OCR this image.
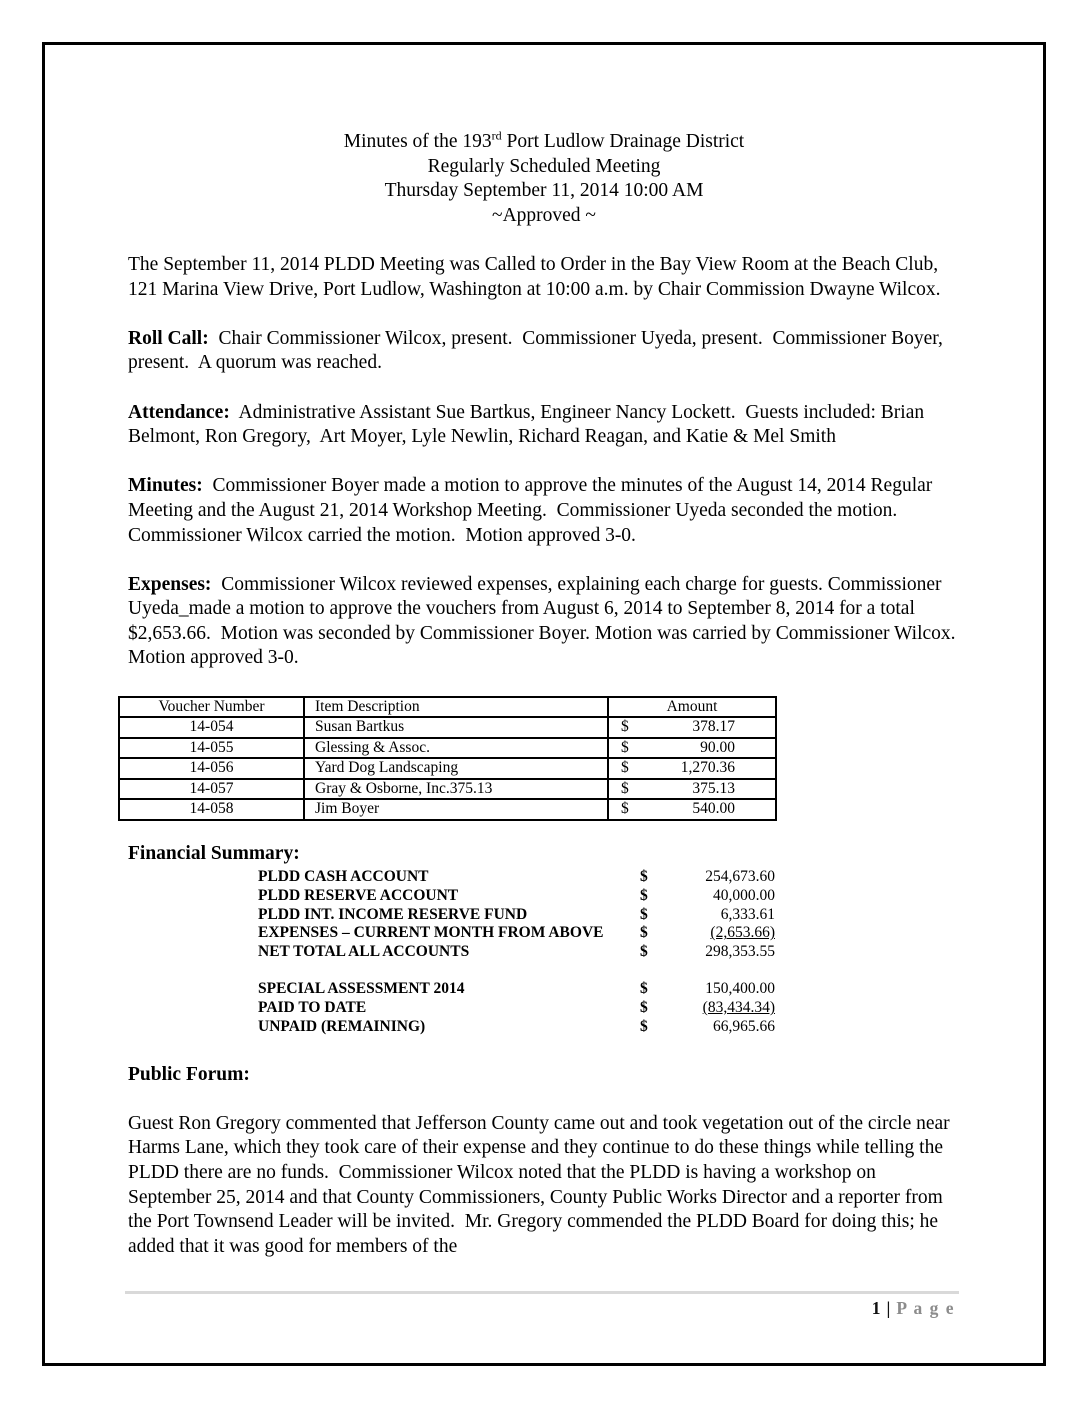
Minutes of the 193rd Port Ludlow Drainage District
Regularly Scheduled Meeting
Thursday September 11, 2014 10:00 AM
~Approved ~

The September 11, 2014 PLDD Meeting was Called to Order in the Bay View Room at the Beach Club, 121 Marina View Drive, Port Ludlow, Washington at 10:00 a.m. by Chair Commission Dwayne Wilcox.

Roll Call:  Chair Commissioner Wilcox, present.  Commissioner Uyeda, present.  Commissioner Boyer, present.  A quorum was reached.

Attendance:  Administrative Assistant Sue Bartkus, Engineer Nancy Lockett.  Guests included: Brian Belmont, Ron Gregory,  Art Moyer, Lyle Newlin, Richard Reagan, and Katie & Mel Smith

Minutes:  Commissioner Boyer made a motion to approve the minutes of the August 14, 2014 Regular Meeting and the August 21, 2014 Workshop Meeting.  Commissioner Uyeda seconded the motion. Commissioner Wilcox carried the motion.  Motion approved 3-0.

Expenses:  Commissioner Wilcox reviewed expenses, explaining each charge for guests. Commissioner Uyeda_made a motion to approve the vouchers from August 6, 2014 to September 8, 2014 for a total $2,653.66.  Motion was seconded by Commissioner Boyer. Motion was carried by Commissioner Wilcox. Motion approved 3-0.

Voucher Number	Item Description	Amount
14-054	Susan Bartkus	$ 378.17

14-055	Glessing & Assoc.	$ 90.00

14-056	Yard Dog Landscaping	$ 1,270.36

14-057	Gray & Osborne, Inc.375.13	$ 375.13

14-058	Jim Boyer	$ 540.00

Financial Summary:

PLDD CASH ACCOUNT	$	254,673.60
PLDD RESERVE ACCOUNT	$	40,000.00
PLDD INT. INCOME RESERVE FUND	$	6,333.61
EXPENSES – CURRENT MONTH FROM ABOVE	$	(2,653.66)
NET TOTAL ALL ACCOUNTS	$	298,353.55
SPECIAL ASSESSMENT 2014	$	150,400.00
PAID TO DATE	$	(83,434.34)
UNPAID (REMAINING)	$	66,965.66

Public Forum:

Guest Ron Gregory commented that Jefferson County came out and took vegetation out of the circle near Harms Lane, which they took care of their expense and they continue to do these things while telling the PLDD there are no funds.  Commissioner Wilcox noted that the PLDD is having a workshop on September 25, 2014 and that County Commissioners, County Public Works Director and a reporter from the Port Townsend Leader will be invited.  Mr. Gregory commended the PLDD Board for doing this; he added that it was good for members of the

1 | P a g e
